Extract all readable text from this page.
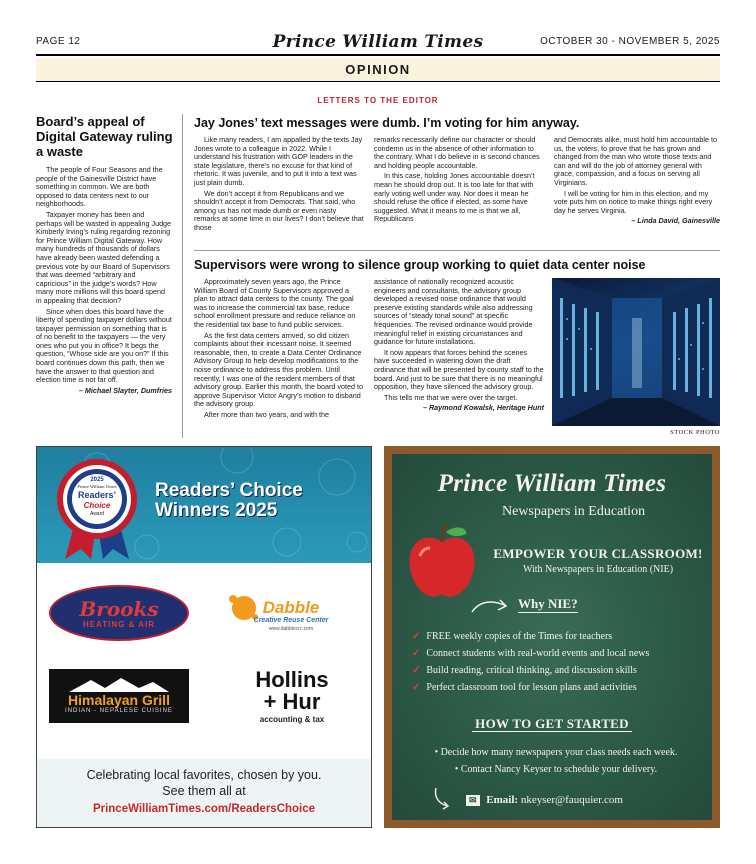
PAGE 12	Prince William Times	OCTOBER 30 - NOVEMBER 5, 2025
OPINION
LETTERS TO THE EDITOR
Board’s appeal of Digital Gateway ruling a waste

The people of Four Seasons and the people of the Gainesville District have something in common. We are both opposed to data centers next to our neighborhoods.

Taxpayer money has been and perhaps will be wasted in appealing Judge Kimberly Irving’s ruling regarding rezoning for Prince William Digital Gateway. How many hundreds of thousands of dollars have already been wasted defending a previous vote by our Board of Supervisors that was deemed “arbitrary and capricious” in the judge’s words? How many more millions will this board spend in appealing that decision?

Since when does this board have the liberty of spending taxpayer dollars without taxpayer permission on something that is of no benefit to the taxpayers — the very ones who put you in office? It begs the question, “Whose side are you on?” If this board continues down this path, then we have the answer to that question and election time is not far off.

– Michael Slayter, Dumfries
Jay Jones’ text messages were dumb. I’m voting for him anyway.

Like many readers, I am appalled by the texts Jay Jones wrote to a colleague in 2022. While I understand his frustration with GOP leaders in the state legislature, there’s no excuse for that kind of rhetoric. It was juvenile, and to put it into a text was just plain dumb.

We don’t accept it from Republicans and we shouldn’t accept it from Democrats. That said, who among us has not made dumb or even nasty remarks at some time in our lives? I don’t believe that those

remarks necessarily define our character or should condemn us in the absence of other information to the contrary. What I do believe in is second chances and holding people accountable.

In this case, holding Jones accountable doesn’t mean he should drop out. It is too late for that with early voting well under way. Nor does it mean he should refuse the office if elected, as some have suggested. What it means to me is that we all, Republicans

and Democrats alike, must hold him accountable to us, the voters, to prove that he has grown and changed from the man who wrote those texts and can and will do the job of attorney general with grace, compassion, and a focus on serving all Virginians.

I will be voting for him in this election, and my vote puts him on notice to make things right every day he serves Virginia.

– Linda David, Gainesville
Supervisors were wrong to silence group working to quiet data center noise

Approximately seven years ago, the Prince William Board of County Supervisors approved a plan to attract data centers to the county. The goal was to increase the commercial tax base, reduce school enrollment pressure and reduce reliance on the residential tax base to fund public services.

As the first data centers arrived, so did citizen complaints about their incessant noise. It seemed reasonable, then, to create a Data Center Ordinance Advisory Group to help develop modifications to the noise ordinance to address this problem. Until recently, I was one of the resident members of that advisory group. Earlier this month, the board voted to approve Supervisor Victor Angry’s motion to disband the advisory group.

After more than two years, and with the

assistance of nationally recognized acoustic engineers and consultants, the advisory group developed a revised noise ordinance that would preserve existing standards while also addressing sources of “steady tonal sound” at specific frequencies. The revised ordinance would provide meaningful relief in existing circumstances and guidance for future installations.

It now appears that forces behind the scenes have succeeded in watering down the draft ordinance that will be presented by county staff to the board. And just to be sure that there is no meaningful opposition, they have silenced the advisory group.

This tells me that we were over the target.

– Raymond Kowalsk, Heritage Hunt
STOCK PHOTO
2025
Prince William Times
Readers’
Choice
Award
Readers’ Choice
Winners 2025
Brooks
HEATING & AIR
Dabble
Creative Reuse Center
www.dabblecrc.com
Himalayan Grill
INDIAN - NEPALESE CUISINE
Hollins
+ Hur
accounting & tax
Celebrating local favorites, chosen by you.
See them all at
PrinceWilliamTimes.com/ReadersChoice
Prince William Times
Newspapers in Education
EMPOWER YOUR CLASSROOM!
With Newspapers in Education (NIE)
Why NIE?
✓ FREE weekly copies of the Times for teachers
✓ Connect students with real-world events and local news
✓ Build reading, critical thinking, and discussion skills
✓ Perfect classroom tool for lesson plans and activities
HOW TO GET STARTED
• Decide how many newspapers your class needs each week.
• Contact Nancy Keyser to schedule your delivery.
✉ Email: nkeyser@fauquier.com
